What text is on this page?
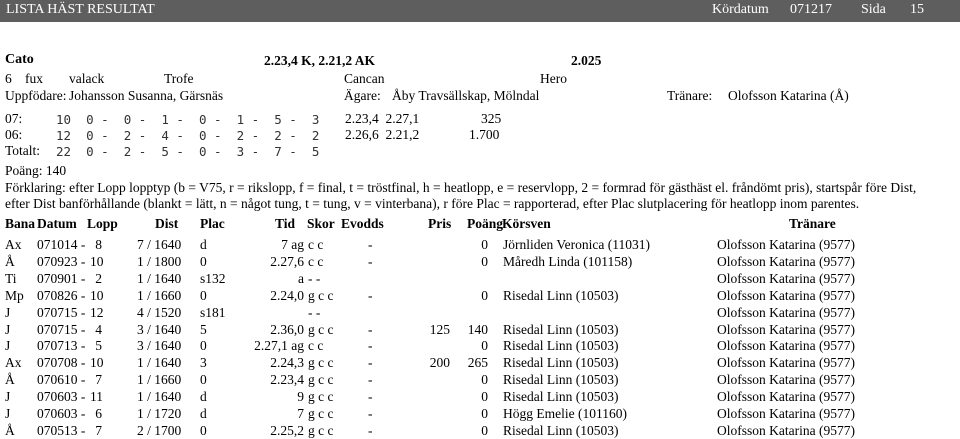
LISTA HÄST RESULTAT	Kördatum 071217 Sida 15
Cato	2.23,4 K, 2.21,2 AK	2.025
6 fux valack	Trofe	Cancan	Hero
Uppfödare: Johansson Susanna, Gärsnäs	Ägare: Åby Travsällskap, Mölndal	Tränare: Olofsson Katarina (Å)
07:	10  0 -  0 -  1 -  0 -  1 -  5 -  3 2.23,4  2.27,1	325
06:	12  0 -  2 -  4 -  0 -  2 -  2 -  2 2.26,6  2.21,2	1.700
Totalt: 22  0 -  2 -  5 -  0 -  3 -  7 -  5
Poäng: 140
Förklaring: efter Lopp lopptyp (b = V75, r = rikslopp, f = final, t = tröstfinal, h = heatlopp, e = reservlopp, 2 = formrad för gästhäst el. fråndömt pris), startspår före Dist,
efter Dist banförhållande (blankt = lätt, n = något tung, t = tung, v = vinterbana), r före Plac = rapporterad, efter Plac slutplacering för heatlopp inom parentes.
Bana Datum Lopp	Dist Plac	Tid Skor Evodds	Pris Poäng
Körsven	Tränare
Ax 071014 - 8	7 / 1640 d	7 ag c c	-	0 Jörnliden Veronica (11031)	Olofsson Katarina (9577)
Å 070923 - 10 1 / 1800 0	2.27,6 c c	-	0 Måredh Linda (101158)	Olofsson Katarina (9577)
Ti 070901 - 2	1 / 1640 s132	a - -	Olofsson Katarina (9577)
Mp 070826 - 10 1 / 1660 0	2.24,0 g c c	-	0 Risedal Linn (10503)	Olofsson Katarina (9577)
J 070715 - 12 4 / 1520 s181	- -	Olofsson Katarina (9577)
J 070715 - 4	3 / 1640 5	2.36,0 g c c	-	125	140 Risedal Linn (10503)	Olofsson Katarina (9577)
J 070713 - 5	3 / 1640 0	2.27,1 ag c c	-	0 Risedal Linn (10503)	Olofsson Katarina (9577)
Ax 070708 - 10 1 / 1640 3	2.24,3 g c c	-	200	265 Risedal Linn (10503)	Olofsson Katarina (9577)
Å 070610 - 7	1 / 1660 0	2.23,4 g c c	-	0 Risedal Linn (10503)	Olofsson Katarina (9577)
J 070603 - 11	1 / 1640 d	9 g c c	-	0 Risedal Linn (10503)	Olofsson Katarina (9577)
J 070603 - 6	1 / 1720 d	7 g c c	-	0 Högg Emelie (101160)	Olofsson Katarina (9577)
Å 070513 - 7	2 / 1700 0	2.25,2 g c c	-	0 Risedal Linn (10503)	Olofsson Katarina (9577)
